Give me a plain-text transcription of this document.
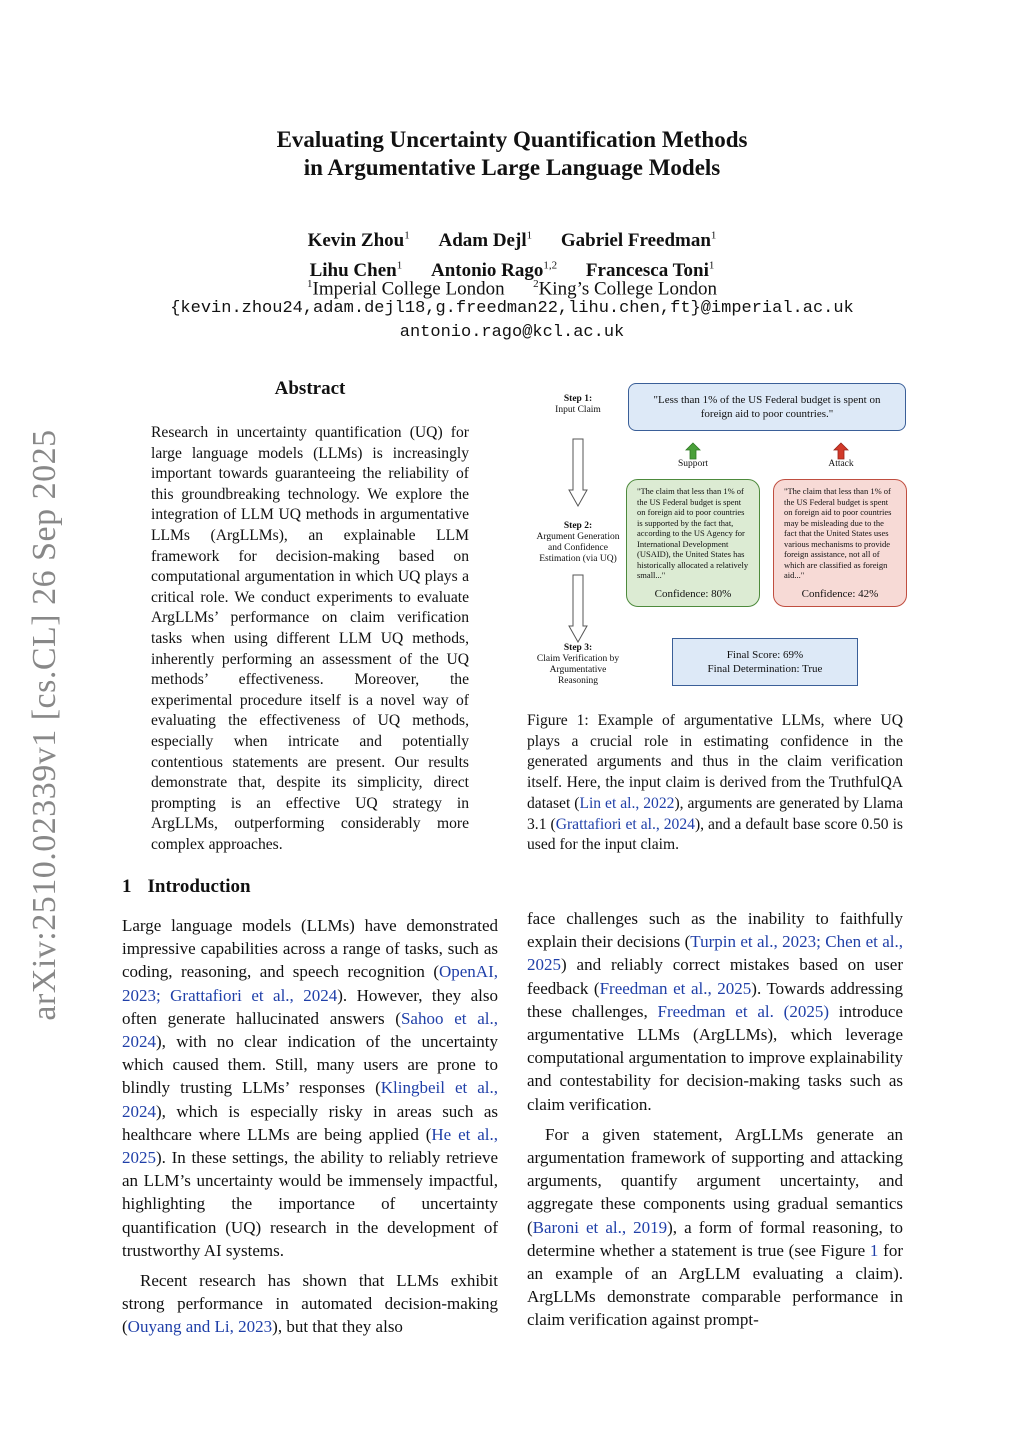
arXiv:2510.02339v1 [cs.CL] 26 Sep 2025
Evaluating Uncertainty Quantification Methods
in Argumentative Large Language Models
Kevin Zhou$^1$ Adam Dejl$^1$ Gabriel Freedman$^1$
Lihu Chen$^1$ Antonio Rago$^{1,2}$ Francesca Toni$^1$
$^1$Imperial College London	$^2$King’s College London
{kevin.zhou24,adam.dejl18,g.freedman22,lihu.chen,ft}@imperial.ac.uk
antonio.rago@kcl.ac.uk
Abstract
Research in uncertainty quantification (UQ) for large language models (LLMs) is increasingly important towards guaranteeing the reliability of this groundbreaking technology. We explore the integration of LLM UQ methods in argumentative LLMs (ArgLLMs), an explainable LLM framework for decision-making based on computational argumentation in which UQ plays a critical role. We conduct experiments to evaluate ArgLLMs’ performance on claim verification tasks when using different LLM UQ methods, inherently performing an assessment of the UQ methods’ effectiveness. Moreover, the experimental procedure itself is a novel way of evaluating the effectiveness of UQ methods, especially when intricate and potentially contentious statements are present. Our results demonstrate that, despite its simplicity, direct prompting is an effective UQ strategy in ArgLLMs, outperforming considerably more complex approaches.
Step 1:
Input Claim
Step 2:
Argument Generation and Confidence Estimation (via UQ)
Step 3:
Claim Verification by Argumentative Reasoning
"Less than 1% of the US Federal budget is spent on foreign aid to poor countries."
Support	Attack
"The claim that less than 1% of the US Federal budget is spent on foreign aid to poor countries is supported by the fact that, according to the US Agency for International Development (USAID), the United States has historically allocated a relatively small..."
Confidence: 80%
"The claim that less than 1% of the US Federal budget is spent on foreign aid to poor countries may be misleading due to the fact that the United States uses various mechanisms to provide foreign assistance, not all of which are classified as foreign aid..."
Confidence: 42%
Final Score: 69%
Final Determination: True
Figure 1: Example of argumentative LLMs, where UQ plays a crucial role in estimating confidence in the generated arguments and thus in the claim verification itself. Here, the input claim is derived from the TruthfulQA dataset (Lin et al., 2022), arguments are generated by Llama 3.1 (Grattafiori et al., 2024), and a default base score 0.50 is used for the input claim.
1 Introduction

Large language models (LLMs) have demonstrated impressive capabilities across a range of tasks, such as coding, reasoning, and speech recognition (OpenAI, 2023; Grattafiori et al., 2024). However, they also often generate hallucinated answers (Sahoo et al., 2024), with no clear indication of the uncertainty which caused them. Still, many users are prone to blindly trusting LLMs’ responses (Klingbeil et al., 2024), which is especially risky in areas such as healthcare where LLMs are being applied (He et al., 2025). In these settings, the ability to reliably retrieve an LLM’s uncertainty would be immensely impactful, highlighting the importance of uncertainty quantification (UQ) research in the development of trustworthy AI systems.

Recent research has shown that LLMs exhibit strong performance in automated decision-making (Ouyang and Li, 2023), but that they also

face challenges such as the inability to faithfully explain their decisions (Turpin et al., 2023; Chen et al., 2025) and reliably correct mistakes based on user feedback (Freedman et al., 2025). Towards addressing these challenges, Freedman et al. (2025) introduce argumentative LLMs (ArgLLMs), which leverage computational argumentation to improve explainability and contestability for decision-making tasks such as claim verification.

For a given statement, ArgLLMs generate an argumentation framework of supporting and attacking arguments, quantify argument uncertainty, and aggregate these components using gradual semantics (Baroni et al., 2019), a form of formal reasoning, to determine whether a statement is true (see Figure 1 for an example of an ArgLLM evaluating a claim). ArgLLMs demonstrate comparable performance in claim verification against prompt-
